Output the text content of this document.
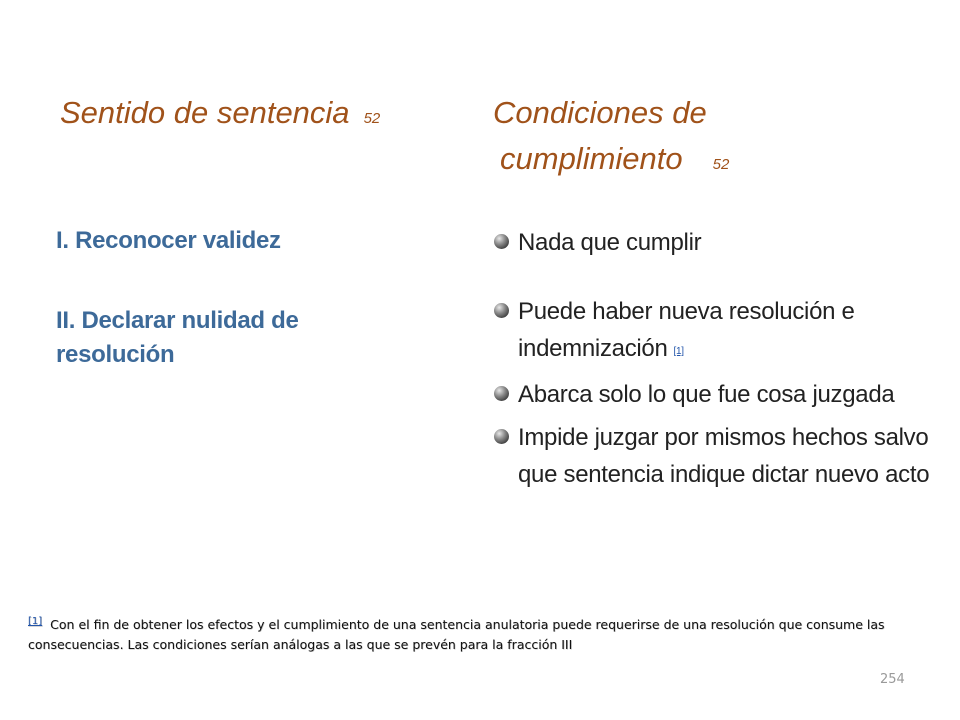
Sentido de sentencia 52	Condiciones de
cumplimiento 52
I. Reconocer validez
II. Declarar nulidad de resolución
Nada que cumplir
Puede haber nueva resolución e indemnización [1]
Abarca solo lo que fue cosa juzgada
Impide juzgar por mismos hechos salvo que sentencia indique dictar nuevo acto
[1] Con el fin de obtener los efectos y el cumplimiento de una sentencia anulatoria puede requerirse de una resolución que consume las consecuencias. Las condiciones serían análogas a las que se prevén para la fracción III
254
